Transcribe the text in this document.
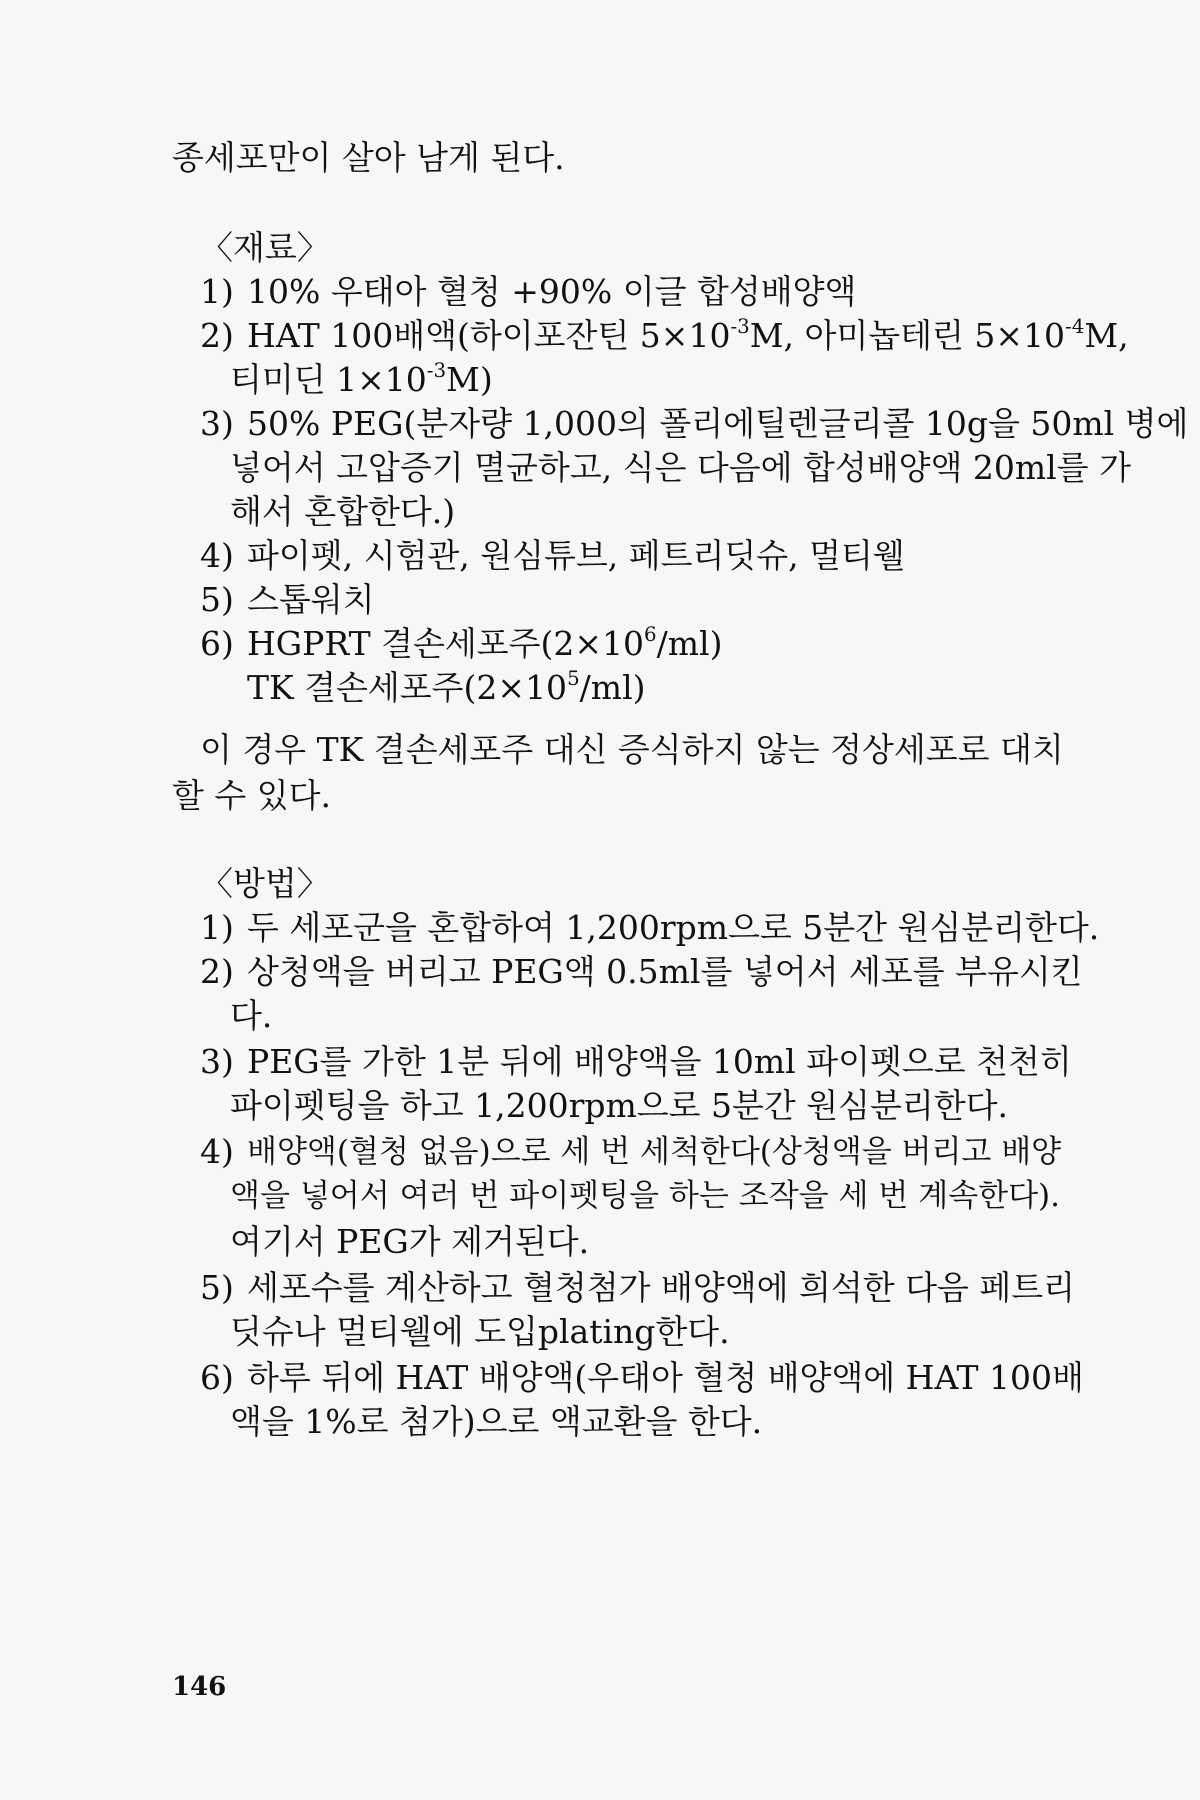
종세포만이 살아 남게 된다.
〈재료〉
1) 10% 우태아 혈청 +90% 이글 합성배양액
2) HAT 100배액(하이포잔틴 $5\times 10^{-3}M$, 아미놉테린 $5\times 10^{-4}M$,
티미딘 $1\times 10^{-3}M$)
3) 50% PEG(분자량 1,000의 폴리에틸렌글리콜 10g을 50ml 병에
넣어서 고압증기 멸균하고, 식은 다음에 합성배양액 20ml를 가
해서 혼합한다.)
4) 파이펫, 시험관, 원심튜브, 페트리딧슈, 멀티웰
5) 스톱워치
6) HGPRT 결손세포주$(2\times 10^6/ml)$
TK 결손세포주$(2\times 10^5/ml)$
이 경우 TK 결손세포주 대신 증식하지 않는 정상세포로 대치
할 수 있다.
〈방법〉
1) 두 세포군을 혼합하여 1,200rpm으로 5분간 원심분리한다.
2) 상청액을 버리고 PEG액 0.5ml를 넣어서 세포를 부유시킨
다.
3) PEG를 가한 1분 뒤에 배양액을 10ml 파이펫으로 천천히
파이펫팅을 하고 1,200rpm으로 5분간 원심분리한다.
4) 배양액(혈청 없음)으로 세 번 세척한다(상청액을 버리고 배양
액을 넣어서 여러 번 파이펫팅을 하는 조작을 세 번 계속한다).
여기서 PEG가 제거된다.
5) 세포수를 계산하고 혈청첨가 배양액에 희석한 다음 페트리
딧슈나 멀티웰에 도입plating한다.
6) 하루 뒤에 HAT 배양액(우태아 혈청 배양액에 HAT 100배
액을 1%로 첨가)으로 액교환을 한다.
146
